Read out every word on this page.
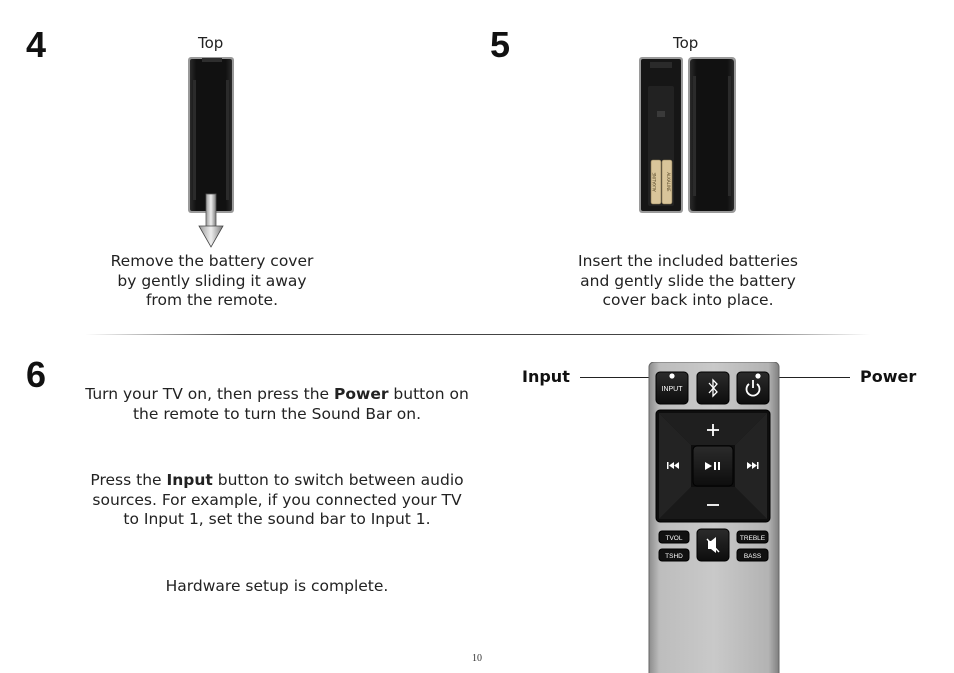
4	Top
Remove the battery cover
by gently sliding it away
from the remote.
5	Top
ALKALINE ALKALINE
Insert the included batteries
and gently slide the battery
cover back into place.
6	Turn your TV on, then press the Power button on
the remote to turn the Sound Bar on.
Press the Input button to switch between audio
sources. For example, if you connected your TV
to Input 1, set the sound bar to Input 1.
Hardware setup is complete.
Input	Power
INPUT
TVOL
TSHD
TREBLE
BASS
10
